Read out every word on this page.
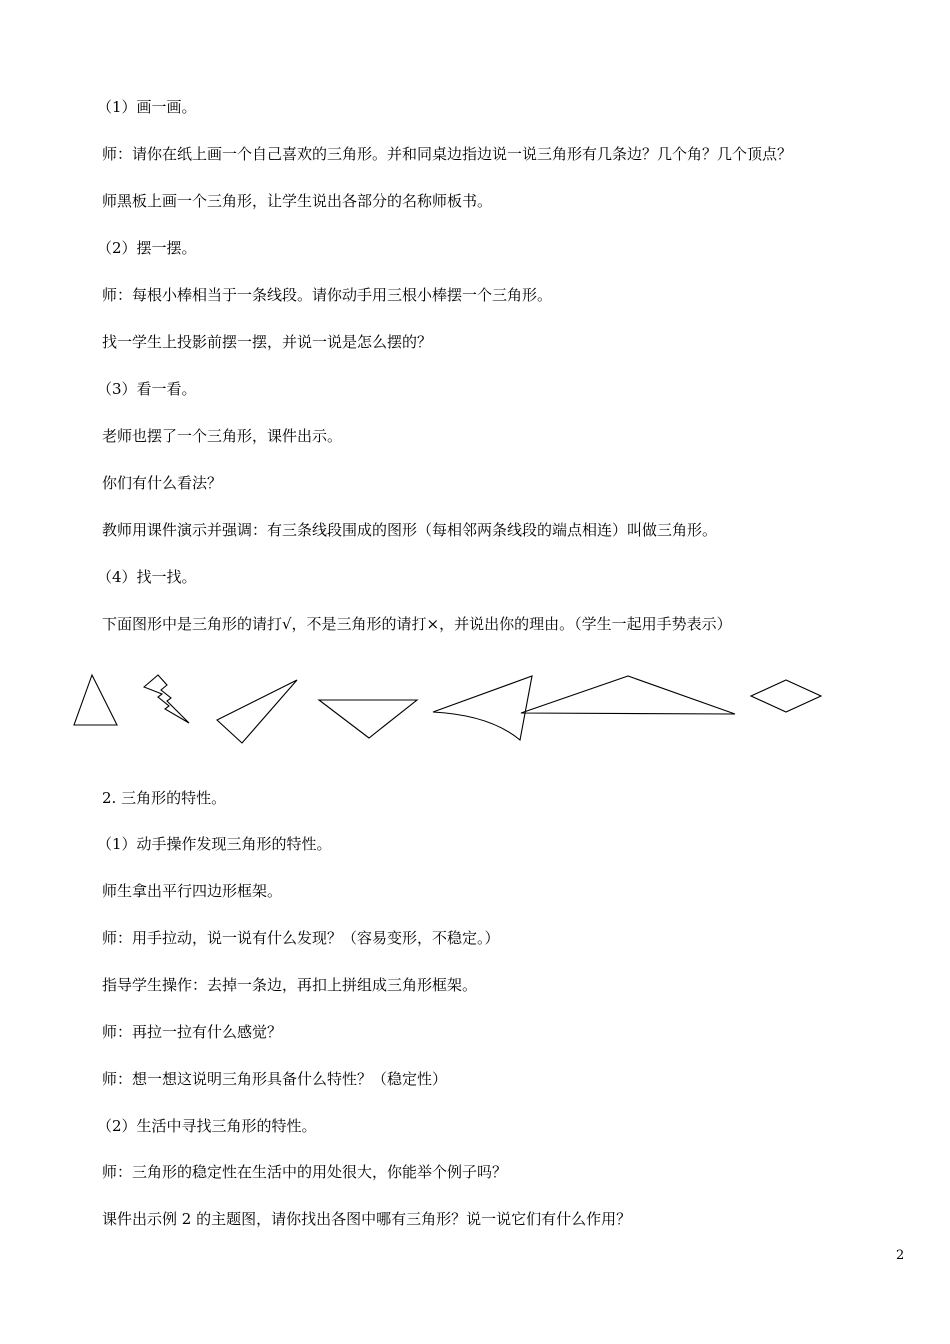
（1）画一画。
师：请你在纸上画一个自己喜欢的三角形。并和同桌边指边说一说三角形有几条边？几个角？几个顶点？
师黑板上画一个三角形，让学生说出各部分的名称师板书。
（2）摆一摆。
师：每根小棒相当于一条线段。请你动手用三根小棒摆一个三角形。
找一学生上投影前摆一摆，并说一说是怎么摆的？
（3）看一看。
老师也摆了一个三角形，课件出示。
你们有什么看法？
教师用课件演示并强调：有三条线段围成的图形（每相邻两条线段的端点相连）叫做三角形。
（4）找一找。
下面图形中是三角形的请打√，不是三角形的请打×，并说出你的理由。（学生一起用手势表示）
2. 三角形的特性。
（1）动手操作发现三角形的特性。
师生拿出平行四边形框架。
师：用手拉动，说一说有什么发现？（容易变形，不稳定。）
指导学生操作：去掉一条边，再扣上拼组成三角形框架。
师：再拉一拉有什么感觉？
师：想一想这说明三角形具备什么特性？（稳定性）
（2）生活中寻找三角形的特性。
师：三角形的稳定性在生活中的用处很大，你能举个例子吗？
课件出示例 2 的主题图，请你找出各图中哪有三角形？说一说它们有什么作用？
2
